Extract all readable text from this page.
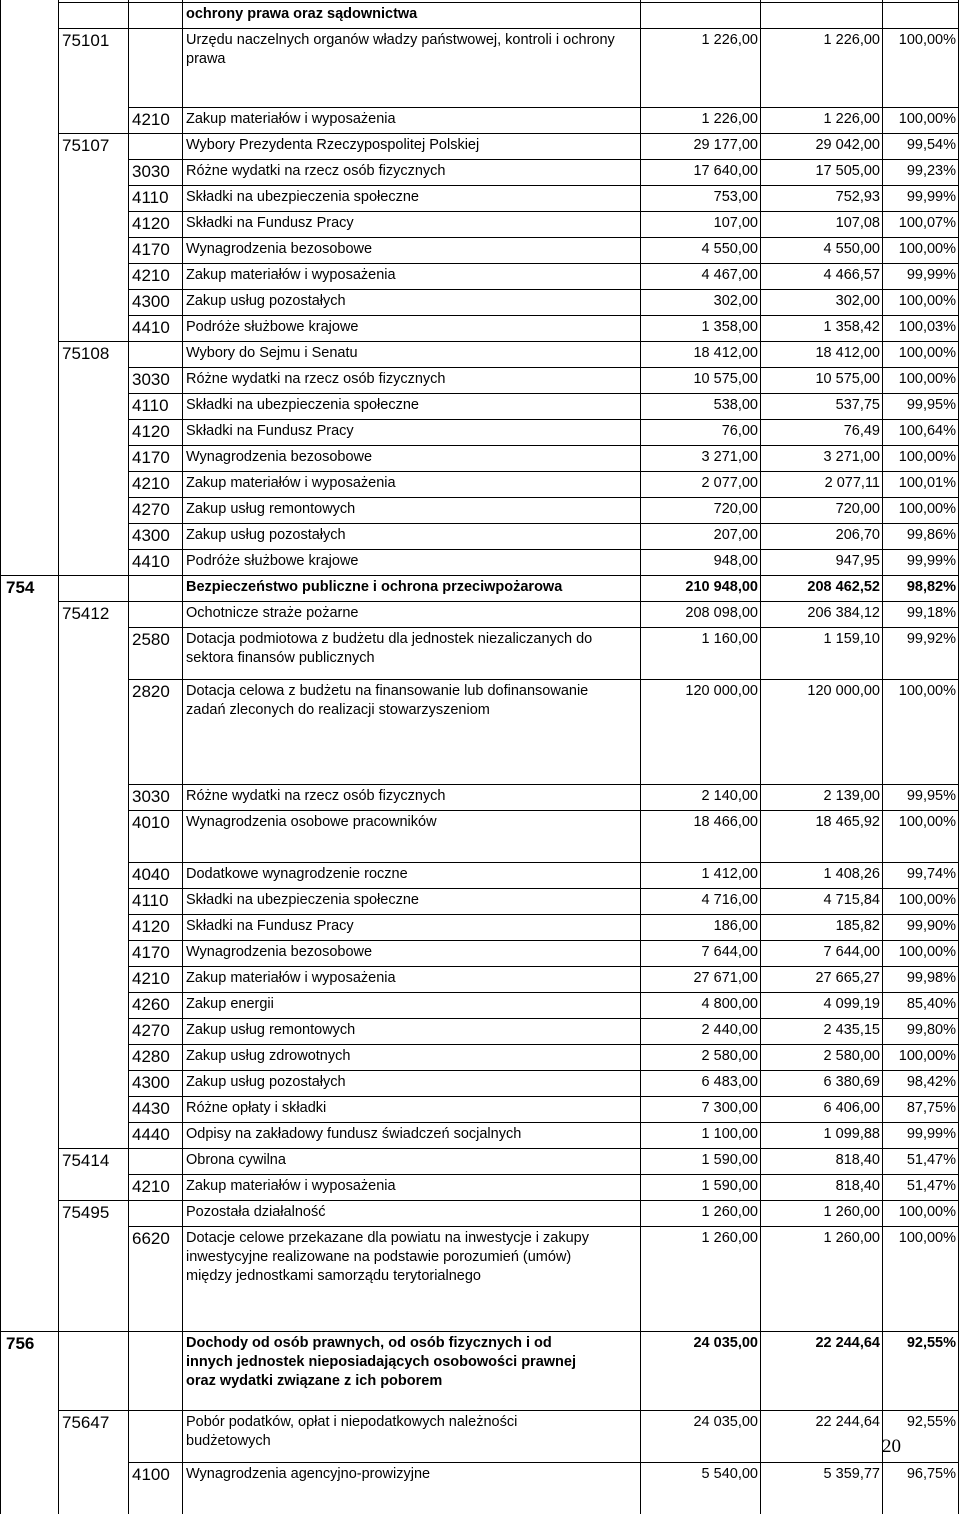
ochrony prawa oraz sądownictwa
75101	Urzędu naczelnych organów władzy państwowej, kontroli i ochrony
prawa
1 226,00	1 226,00	100,00%
4210 Zakup materiałów i wyposażenia	1 226,00	1 226,00	100,00%
75107	Wybory Prezydenta Rzeczypospolitej Polskiej	29 177,00	29 042,00	99,54%
3030 Różne wydatki na rzecz osób fizycznych	17 640,00	17 505,00	99,23%
4110 Składki na ubezpieczenia społeczne	753,00	752,93	99,99%
4120 Składki na Fundusz Pracy	107,00	107,08	100,07%
4170 Wynagrodzenia bezosobowe	4 550,00	4 550,00	100,00%
4210 Zakup materiałów i wyposażenia	4 467,00	4 466,57	99,99%
4300 Zakup usług pozostałych	302,00	302,00	100,00%
4410 Podróże służbowe krajowe	1 358,00	1 358,42	100,03%
75108	Wybory do Sejmu i Senatu	18 412,00	18 412,00	100,00%
3030 Różne wydatki na rzecz osób fizycznych	10 575,00	10 575,00	100,00%
4110 Składki na ubezpieczenia społeczne	538,00	537,75	99,95%
4120 Składki na Fundusz Pracy	76,00	76,49	100,64%
4170 Wynagrodzenia bezosobowe	3 271,00	3 271,00	100,00%
4210 Zakup materiałów i wyposażenia	2 077,00	2 077,11	100,01%
4270 Zakup usług remontowych	720,00	720,00	100,00%
4300 Zakup usług pozostałych	207,00	206,70	99,86%
4410 Podróże służbowe krajowe	948,00	947,95	99,99%
754	Bezpieczeństwo publiczne i ochrona przeciwpożarowa	210 948,00	208 462,52	98,82%
75412	Ochotnicze straże pożarne	208 098,00	206 384,12	99,18%
2580 Dotacja podmiotowa z budżetu dla jednostek niezaliczanych do
sektora finansów publicznych
1 160,00	1 159,10	99,92%
2820 Dotacja celowa z budżetu na finansowanie lub dofinansowanie
zadań zleconych do realizacji stowarzyszeniom
120 000,00	120 000,00	100,00%
3030 Różne wydatki na rzecz osób fizycznych	2 140,00	2 139,00	99,95%
4010 Wynagrodzenia osobowe pracowników	18 466,00	18 465,92	100,00%
4040 Dodatkowe wynagrodzenie roczne	1 412,00	1 408,26	99,74%
4110 Składki na ubezpieczenia społeczne	4 716,00	4 715,84	100,00%
4120 Składki na Fundusz Pracy	186,00	185,82	99,90%
4170 Wynagrodzenia bezosobowe	7 644,00	7 644,00	100,00%
4210 Zakup materiałów i wyposażenia	27 671,00	27 665,27	99,98%
4260 Zakup energii	4 800,00	4 099,19	85,40%
4270 Zakup usług remontowych	2 440,00	2 435,15	99,80%
4280 Zakup usług zdrowotnych	2 580,00	2 580,00	100,00%
4300 Zakup usług pozostałych	6 483,00	6 380,69	98,42%
4430 Różne opłaty i składki	7 300,00	6 406,00	87,75%
4440 Odpisy na zakładowy fundusz świadczeń socjalnych	1 100,00	1 099,88	99,99%
75414	Obrona cywilna	1 590,00	818,40	51,47%
4210 Zakup materiałów i wyposażenia	1 590,00	818,40	51,47%
75495	Pozostała działalność	1 260,00	1 260,00	100,00%
6620 Dotacje celowe przekazane dla powiatu na inwestycje i zakupy
inwestycyjne realizowane na podstawie porozumień (umów)
między jednostkami samorządu terytorialnego
1 260,00	1 260,00	100,00%
756	Dochody od osób prawnych, od osób fizycznych i od
innych jednostek nieposiadających osobowości prawnej
oraz wydatki związane z ich poborem
24 035,00	22 244,64	92,55%
75647	Pobór podatków, opłat i niepodatkowych należności
budżetowych
24 035,00	22 244,64	92,55%
4100 Wynagrodzenia agencyjno-prowizyjne	5 540,00	5 359,77	96,75%
20
